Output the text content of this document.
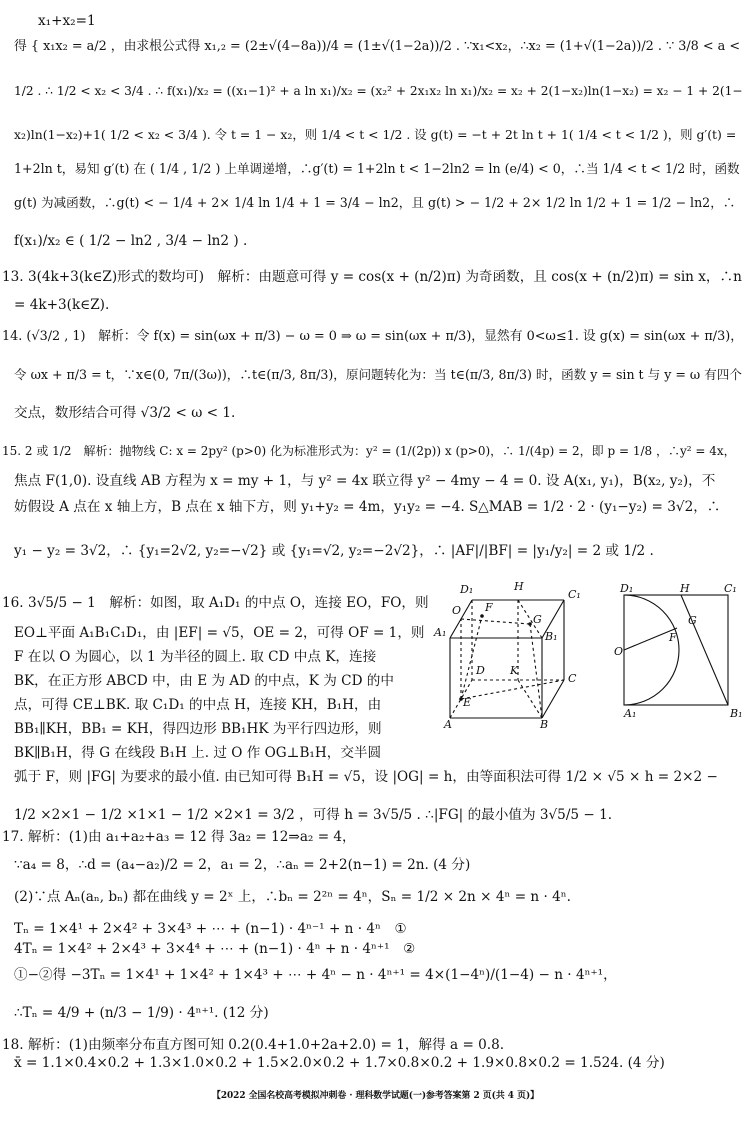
x₁+x₂=1
得 { x₁x₂ = a/2 ，由求根公式得 x₁,₂ = (2±√(4−8a))/4 = (1±√(1−2a))/2 . ∵x₁<x₂，∴x₂ = (1+√(1−2a))/2 . ∵ 3/8 < a <
1/2 . ∴ 1/2 < x₂ < 3/4 . ∴ f(x₁)/x₂ = ((x₁−1)² + a ln x₁)/x₂ = (x₂² + 2x₁x₂ ln x₁)/x₂ = x₂ + 2(1−x₂)ln(1−x₂) = x₂ − 1 + 2(1−
x₂)ln(1−x₂)+1( 1/2 < x₂ < 3/4 ). 令 t = 1 − x₂，则 1/4 < t < 1/2 . 设 g(t) = −t + 2t ln t + 1( 1/4 < t < 1/2 )，则 g′(t) =
1+2ln t，易知 g′(t) 在 ( 1/4 , 1/2 ) 上单调递增，∴g′(t) = 1+2ln t < 1−2ln2 = ln (e/4) < 0，∴当 1/4 < t < 1/2 时，函数
g(t) 为减函数，∴g(t) < − 1/4 + 2× 1/4 ln 1/4 + 1 = 3/4 − ln2，且 g(t) > − 1/2 + 2× 1/2 ln 1/2 + 1 = 1/2 − ln2，∴
f(x₁)/x₂ ∈ ( 1/2 − ln2 , 3/4 − ln2 ) .
13. 3(4k+3(k∈Z)形式的数均可)　解析：由题意可得 y = cos(x + (n/2)π) 为奇函数，且 cos(x + (n/2)π) = sin x，∴n
= 4k+3(k∈Z).
14. (√3/2 , 1)　解析：令 f(x) = sin(ωx + π/3) − ω = 0 ⇒ ω = sin(ωx + π/3)，显然有 0<ω≤1. 设 g(x) = sin(ωx + π/3)，
令 ωx + π/3 = t，∵x∈(0, 7π/(3ω))，∴t∈(π/3, 8π/3)，原问题转化为：当 t∈(π/3, 8π/3) 时，函数 y = sin t 与 y = ω 有四个
交点，数形结合可得 √3/2 < ω < 1.
15. 2 或 1/2　解析：抛物线 C: x = 2py² (p>0) 化为标准形式为：y² = (1/(2p)) x (p>0)，∴ 1/(4p) = 2，即 p = 1/8 ，∴y² = 4x，
焦点 F(1,0). 设直线 AB 方程为 x = my + 1，与 y² = 4x 联立得 y² − 4my − 4 = 0. 设 A(x₁, y₁)，B(x₂, y₂)，不
妨假设 A 点在 x 轴上方，B 点在 x 轴下方，则 y₁+y₂ = 4m，y₁y₂ = −4. S△MAB = 1/2 · 2 · (y₁−y₂) = 3√2，∴
y₁ − y₂ = 3√2，∴ {y₁=2√2, y₂=−√2} 或 {y₁=√2, y₂=−2√2}，∴ |AF|/|BF| = |y₁/y₂| = 2 或 1/2 .
16. 3√5/5 − 1　解析：如图，取 A₁D₁ 的中点 O，连接 EO，FO，则
EO⊥平面 A₁B₁C₁D₁，由 |EF| = √5，OE = 2，可得 OF = 1，则
F 在以 O 为圆心，以 1 为半径的圆上. 取 CD 中点 K，连接
BK，在正方形 ABCD 中，由 E 为 AD 的中点，K 为 CD 的中
点，可得 CE⊥BK. 取 C₁D₁ 的中点 H，连接 KH，B₁H，由
BB₁∥KH，BB₁ = KH，得四边形 BB₁HK 为平行四边形，则
BK∥B₁H，得 G 在线段 B₁H 上. 过 O 作 OG⊥B₁H，交半圆
弧于 F，则 |FG| 为要求的最小值. 由已知可得 B₁H = √5，设 |OG| = h，由等面积法可得 1/2 × √5 × h = 2×2 −
1/2 ×2×1 − 1/2 ×1×1 − 1/2 ×2×1 = 3/2 ，可得 h = 3√5/5 . ∴|FG| 的最小值为 3√5/5 − 1.
17. 解析：(1)由 a₁+a₂+a₃ = 12 得 3a₂ = 12⇒a₂ = 4，
∵a₄ = 8，∴d = (a₄−a₂)/2 = 2，a₁ = 2，∴aₙ = 2+2(n−1) = 2n. (4 分)
(2)∵点 Aₙ(aₙ, bₙ) 都在曲线 y = 2ˣ 上，∴bₙ = 2²ⁿ = 4ⁿ，Sₙ = 1/2 × 2n × 4ⁿ = n · 4ⁿ.
Tₙ = 1×4¹ + 2×4² + 3×4³ + ⋯ + (n−1) · 4ⁿ⁻¹ + n · 4ⁿ　①
4Tₙ = 1×4² + 2×4³ + 3×4⁴ + ⋯ + (n−1) · 4ⁿ + n · 4ⁿ⁺¹　②
①−②得 −3Tₙ = 1×4¹ + 1×4² + 1×4³ + ⋯ + 4ⁿ − n · 4ⁿ⁺¹ = 4×(1−4ⁿ)/(1−4) − n · 4ⁿ⁺¹，
∴Tₙ = 4/9 + (n/3 − 1/9) · 4ⁿ⁺¹. (12 分)
18. 解析：(1)由频率分布直方图可知 0.2(0.4+1.0+2a+2.0) = 1，解得 a = 0.8.
x̄ = 1.1×0.4×0.2 + 1.3×1.0×0.2 + 1.5×2.0×0.2 + 1.7×0.8×0.2 + 1.9×0.8×0.2 = 1.524. (4 分)
D₁	H
C₁
O F
G
A₁	B₁
D K
C
E
A	B
D₁	H	C₁
G
F
O
A₁	B₁
【2022 全国名校高考模拟冲刺卷 · 理科数学试题(一)参考答案第 2 页(共 4 页)】
